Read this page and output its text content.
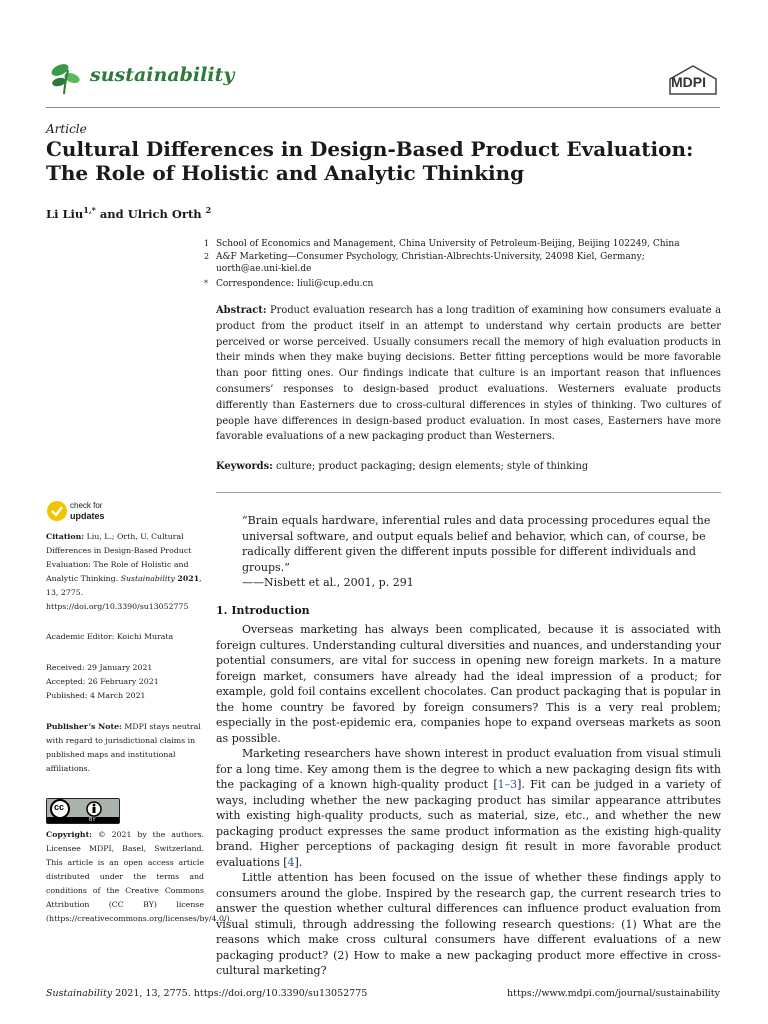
sustainability	MDPI
Article
Cultural Differences in Design-Based Product Evaluation: The Role of Holistic and Analytic Thinking
Li Liu$^{1,*}$ and Ulrich Orth $^2$
1 School of Economics and Management, China University of Petroleum-Beijing, Beijing 102249, China
2 A&F Marketing—Consumer Psychology, Christian-Albrechts-University, 24098 Kiel, Germany; uorth@ae.uni-kiel.de
* Correspondence: liuli@cup.edu.cn
Abstract: Product evaluation research has a long tradition of examining how consumers evaluate a product from the product itself in an attempt to understand why certain products are better perceived or worse perceived. Usually consumers recall the memory of high evaluation products in their minds when they make buying decisions. Better fitting perceptions would be more favorable than poor fitting ones. Our findings indicate that culture is an important reason that influences consumers’ responses to design-based product evaluations. Westerners evaluate products differently than Easterners due to cross-cultural differences in styles of thinking. Two cultures of people have differences in design-based product evaluation. In most cases, Easterners have more favorable evaluations of a new packaging product than Westerners.
Keywords: culture; product packaging; design elements; style of thinking
check for
updates
Citation: Liu, L.; Orth, U. Cultural Differences in Design-Based Product Evaluation: The Role of Holistic and Analytic Thinking. Sustainability 2021, 13, 2775. https://doi.org/10.3390/su13052775
Academic Editor: Koichi Murata
Received: 29 January 2021
Accepted: 26 February 2021
Published: 4 March 2021
Publisher’s Note: MDPI stays neutral with regard to jurisdictional claims in published maps and institutional affiliations.
cc
BY
Copyright: © 2021 by the authors. Licensee MDPI, Basel, Switzerland. This article is an open access article distributed under the terms and conditions of the Creative Commons Attribution (CC BY) license (https://creativecommons.org/licenses/by/4.0/).
“Brain equals hardware, inferential rules and data processing procedures equal the universal software, and output equals belief and behavior, which can, of course, be radically different given the different inputs possible for different individuals and groups.”
——Nisbett et al., 2001, p. 291
1. Introduction

Overseas marketing has always been complicated, because it is associated with foreign cultures. Understanding cultural diversities and nuances, and understanding your potential consumers, are vital for success in opening new foreign markets. In a mature foreign market, consumers have already had the ideal impression of a product; for example, gold foil contains excellent chocolates. Can product packaging that is popular in the home country be favored by foreign consumers? This is a very real problem; especially in the post-epidemic era, companies hope to expand overseas markets as soon as possible.

Marketing researchers have shown interest in product evaluation from visual stimuli for a long time. Key among them is the degree to which a new packaging design fits with the packaging of a known high-quality product [1–3]. Fit can be judged in a variety of ways, including whether the new packaging product has similar appearance attributes with existing high-quality products, such as material, size, etc., and whether the new packaging product expresses the same product information as the existing high-quality brand. Higher perceptions of packaging design fit result in more favorable product evaluations [4].

Little attention has been focused on the issue of whether these findings apply to consumers around the globe. Inspired by the research gap, the current research tries to answer the question whether cultural differences can influence product evaluation from visual stimuli, through addressing the following research questions: (1) What are the reasons which make cross cultural consumers have different evaluations of a new packaging product? (2) How to make a new packaging product more effective in cross-cultural marketing?

Sustainability 2021, 13, 2775. https://doi.org/10.3390/su13052775	https://www.mdpi.com/journal/sustainability
